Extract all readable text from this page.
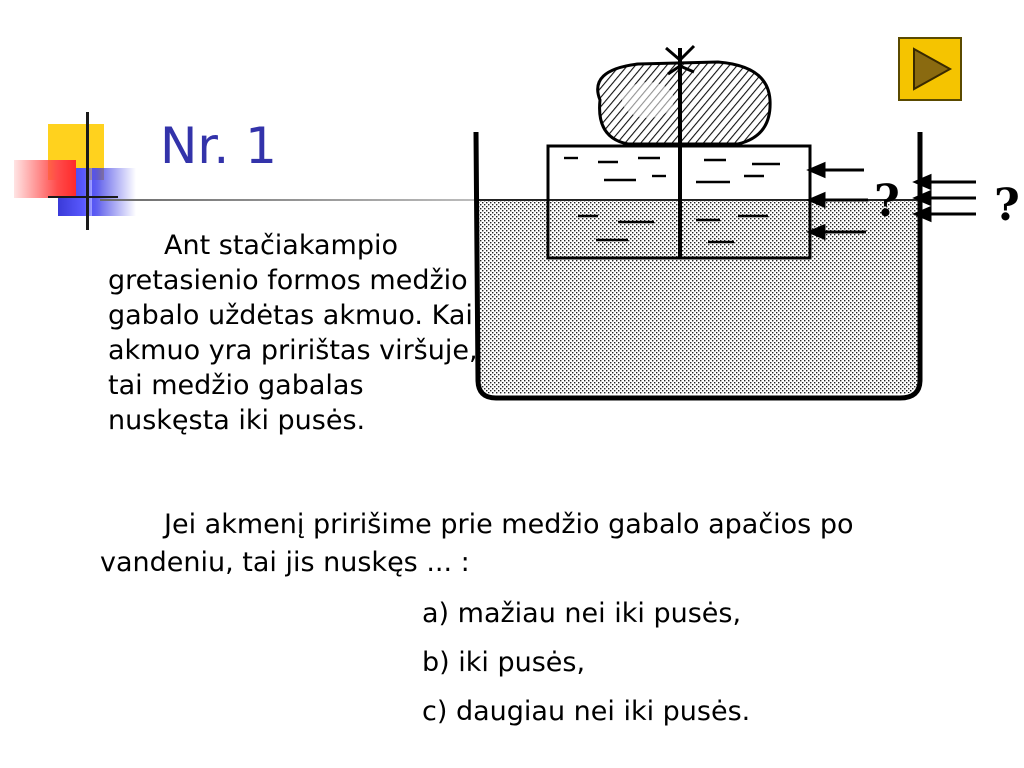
Nr. 1

Ant stačiakampio gretasienio formos medžio gabalo uždėtas akmuo. Kai akmuo yra pririštas viršuje, tai medžio gabalas nuskęsta iki pusės.

Jei akmenį pririšime prie medžio gabalo apačios po vandeniu, tai jis nuskęs ... :

a) mažiau nei iki pusės,

b) iki pusės,

c) daugiau nei iki pusės.

? ?
